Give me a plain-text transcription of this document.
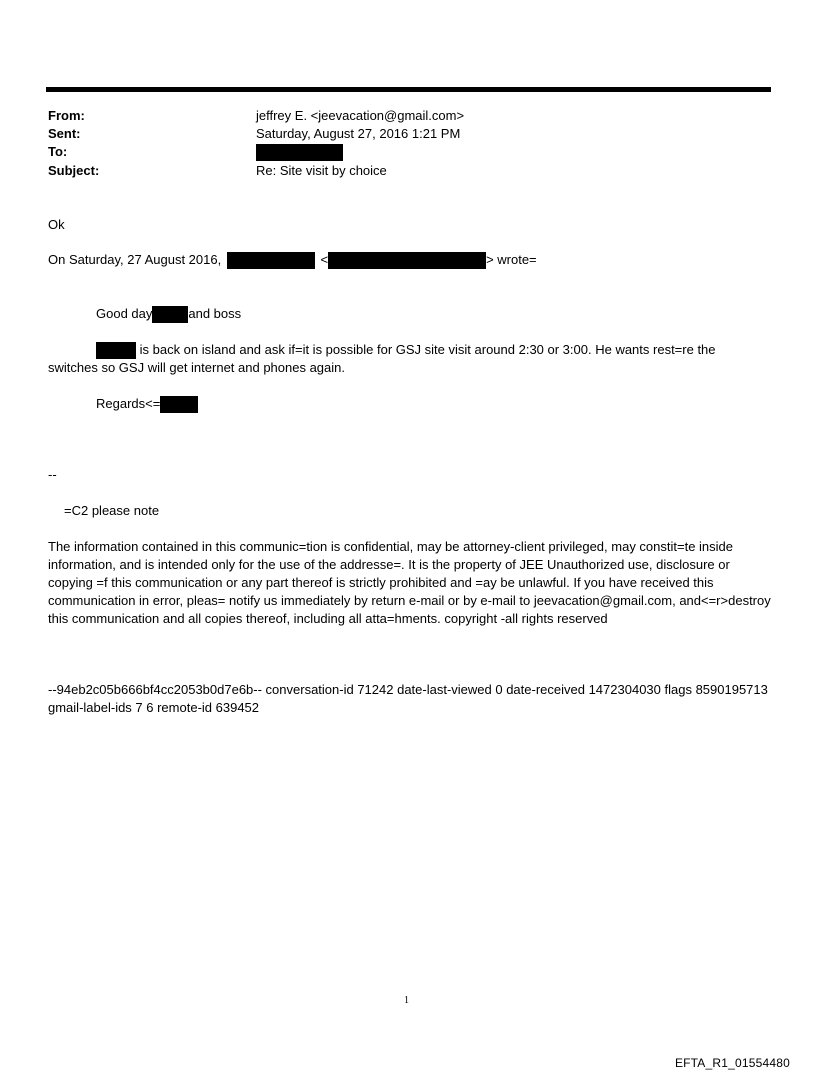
From:	jeffrey E. <jeevacation@gmail.com>
Sent:	Saturday, August 27, 2016 1:21 PM
To:
Subject:	Re: Site visit by choice
Ok
On Saturday, 27 August 2016,	<	> wrote=
Good day	and boss
is back on island and ask if=it is possible for GSJ site visit around 2:30 or 3:00. He wants rest=re the
switches so GSJ will get internet and phones again.
Regards<=
--
=C2 please note
The information contained in this communic=tion is confidential, may be attorney-client privileged, may constit=te inside information, and is intended only for the use of the addresse=. It is the property of JEE Unauthorized use, disclosure or copying =f this communication or any part thereof is strictly prohibited and =ay be unlawful. If you have received this communication in error, pleas= notify us immediately by return e-mail or by e-mail to jeevacation@gmail.com, and<=r>destroy this communication and all copies thereof, including all atta=hments. copyright -all rights reserved
--94eb2c05b666bf4cc2053b0d7e6b-- conversation-id 71242 date-last-viewed 0 date-received 1472304030 flags 8590195713 gmail-label-ids 7 6 remote-id 639452
1
EFTA_R1_01554480
